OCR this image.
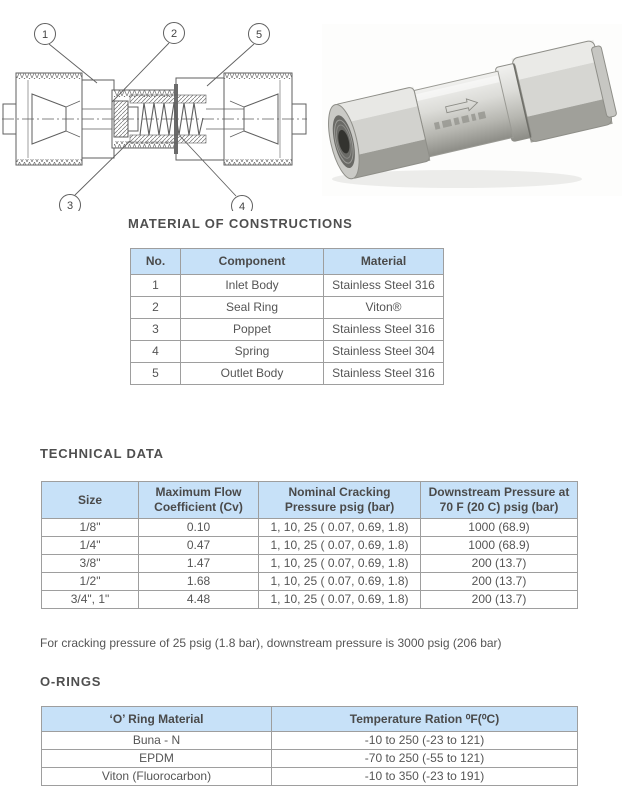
1	2	5
3	4
MATERIAL OF CONSTRUCTIONS
No.	Component	Material
1	Inlet Body	Stainless Steel 316
2	Seal Ring	Viton®
3	Poppet	Stainless Steel 316
4	Spring	Stainless Steel 304
5	Outlet Body	Stainless Steel 316
TECHNICAL DATA
Size	Maximum Flow Coefficient (Cv)	Nominal Cracking Pressure psig (bar)	Downstream Pressure at 70 F (20 C) psig (bar)
1/8"	0.10	1, 10, 25 ( 0.07, 0.69, 1.8)	1000 (68.9)
1/4"	0.47	1, 10, 25 ( 0.07, 0.69, 1.8)	1000 (68.9)
3/8"	1.47	1, 10, 25 ( 0.07, 0.69, 1.8)	200 (13.7)
1/2"	1.68	1, 10, 25 ( 0.07, 0.69, 1.8)	200 (13.7)
3/4", 1"	4.48	1, 10, 25 ( 0.07, 0.69, 1.8)	200 (13.7)

For cracking pressure of 25 psig (1.8 bar), downstream pressure is 3000 psig (206 bar)

O-RINGS
‘O’ Ring Material	Temperature Ration ⁰F(⁰C)
Buna - N	-10 to 250 (-23 to 121)
EPDM	-70 to 250 (-55 to 121)
Viton (Fluorocarbon)	-10 to 350 (-23 to 191)
